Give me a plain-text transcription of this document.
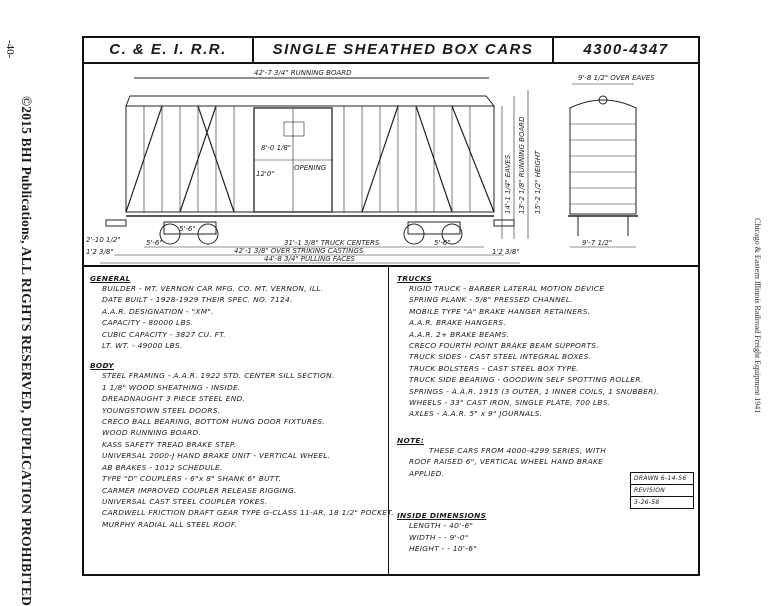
-40-
©2015 BHI Publications, ALL RIGHTS RESERVED, DUPLICATION PROHIBITED	Chicago & Eastern Illinois Railroad Freight Equipment 1941
C. & E. I. R.R.	SINGLE SHEATHED BOX CARS	4300-4347
42'-7 3/4" RUNNING BOARD
9'-8 1/2" OVER EAVES
8'-0 1/8"
12'0"
OPENING
5'-6"
2'-10 1/2"	5'-6"	5'-6"
31'-1 3/8" TRUCK CENTERS
42'-1 3/8" OVER STRIKING CASTINGS
44'-8 3/4" PULLING FACES
1'2 3/8"	1'2 3/8"
9'-7 1/2"
14'-1 1/4" EAVES 13'-2 1/8" RUNNING BOARD 15'-2 1/2" HEIGHT
GENERAL
BUILDER - MT. VERNON CAR MFG. CO. MT. VERNON, ILL.
DATE BUILT - 1928-1929 THEIR SPEC. NO. 7124.
A.A.R. DESIGNATION - "XM".
CAPACITY - 80000 LBS.
CUBIC CAPACITY - 3827 CU. FT.
LT. WT. - 49000 LBS.
BODY
STEEL FRAMING - A.A.R. 1922 STD. CENTER SILL SECTION.
1 1/8" WOOD SHEATHING - INSIDE.
DREADNAUGHT 3 PIECE STEEL END.
YOUNGSTOWN STEEL DOORS.
CRECO BALL BEARING, BOTTOM HUNG DOOR FIXTURES.
WOOD RUNNING BOARD.
KASS SAFETY TREAD BRAKE STEP.
UNIVERSAL 2000-J HAND BRAKE UNIT - VERTICAL WHEEL.
AB BRAKES - 1012 SCHEDULE.
TYPE "D" COUPLERS - 6"x 8" SHANK 6" BUTT.
CARMER IMPROVED COUPLER RELEASE RIGGING.
UNIVERSAL CAST STEEL COUPLER YOKES.
CARDWELL FRICTION DRAFT GEAR TYPE G-CLASS 11-AR, 18 1/2" POCKET.
MURPHY RADIAL ALL STEEL ROOF.
TRUCKS
RIGID TRUCK - BARBER LATERAL MOTION DEVICE
SPRING PLANK - 5/8" PRESSED CHANNEL.
MOBILE TYPE "A" BRAKE HANGER RETAINERS.
A.A.R. BRAKE HANGERS.
A.A.R. 2+ BRAKE BEAMS.
CRECO FOURTH POINT BRAKE BEAM SUPPORTS.
TRUCK SIDES - CAST STEEL INTEGRAL BOXES.
TRUCK BOLSTERS - CAST STEEL BOX TYPE.
TRUCK SIDE BEARING - GOODWIN SELF SPOTTING ROLLER.
SPRINGS - A.A.R. 1915 (3 OUTER, 1 INNER COILS, 1 SNUBBER).
WHEELS - 33" CAST IRON, SINGLE PLATE, 700 LBS.
AXLES - A.A.R. 5" x 9" JOURNALS.
NOTE:
THESE CARS FROM 4000-4299 SERIES, WITH
ROOF RAISED 6", VERTICAL WHEEL HAND BRAKE
APPLIED.
INSIDE DIMENSIONS
LENGTH - 40'-6"
WIDTH - - 9'-0"
HEIGHT - - 10'-6"
DRAWN 6-14-56
REVISION
3-26-58
